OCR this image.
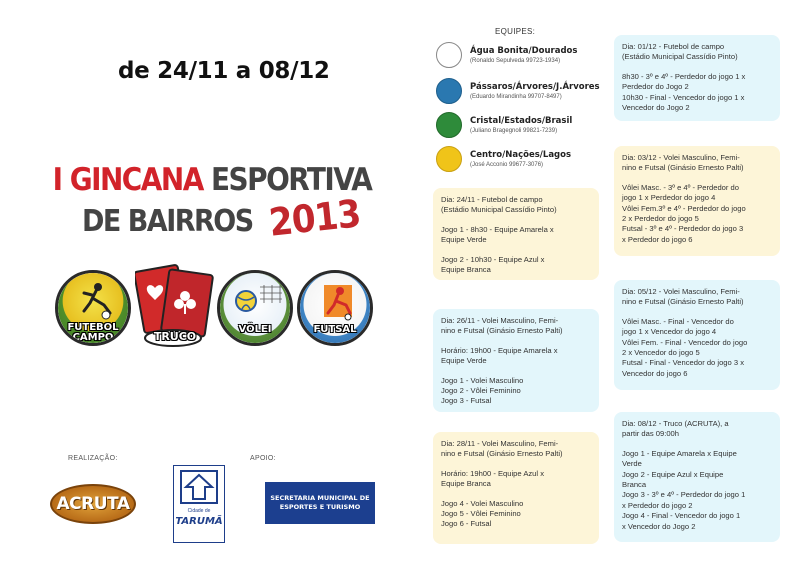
de 24/11 a 08/12
I GINCANA ESPORTIVA
DE BAIRROS 2013
FUTEBOL
CAMPO	TRUCO
VÔLEI	FUTSAL
REALIZAÇÃO:	APOIO:
ACRUTA	Cidade de
TARUMÃ
SECRETARIA MUNICIPAL DE
ESPORTES E TURISMO
EQUIPES:
Água Bonita/Dourados
(Ronaldo Sepulveda 99723-1934)
Pássaros/Árvores/J.Árvores
(Eduardo Mirandinha 99707-8497)
Cristal/Estados/Brasil
(Juliano Bragegnoli 99821-7239)
Centro/Nações/Lagos
(José Acconio 99677-3076)
Dia: 24/11 - Futebol de campo
(Estádio Municipal Cassídio Pinto)
Jogo 1 - 8h30 - Equipe Amarela x
Equipe Verde
Jogo 2 - 10h30 - Equipe Azul x
Equipe Branca
Dia: 26/11 - Volei Masculino, Femi-
nino e Futsal (Ginásio Ernesto Palti)
Horário: 19h00 - Equipe Amarela x
Equipe Verde
Jogo 1 - Volei Masculino
Jogo 2 - Vôlei Feminino
Jogo 3 - Futsal
Dia: 28/11 - Volei Masculino, Femi-
nino e Futsal (Ginásio Ernesto Palti)
Horário: 19h00 - Equipe Azul x
Equipe Branca
Jogo 4 - Volei Masculino
Jogo 5 - Vôlei Feminino
Jogo 6 - Futsal
Dia: 01/12 - Futebol de campo
(Estádio Municipal Cassídio Pinto)
8h30 - 3º e 4º - Perdedor do jogo 1 x
Perdedor do Jogo 2
10h30 - Final - Vencedor do jogo 1 x
Vencedor do Jogo 2
Dia: 03/12 - Volei Masculino, Femi-
nino e Futsal (Ginásio Ernesto Palti)
Vôlei Masc. - 3º e 4º - Perdedor do
jogo 1 x Perdedor do jogo 4
Vôlei Fem.3º e 4º - Perdedor do jogo
2 x Perdedor do jogo 5
Futsal - 3º e 4º - Perdedor do jogo 3
x Perdedor do jogo 6
Dia: 05/12 - Volei Masculino, Femi-
nino e Futsal (Ginásio Ernesto Palti)
Vôlei Masc. - Final - Vencedor do
jogo 1 x Vencedor do jogo 4
Vôlei Fem. - Final - Vencedor do jogo
2 x Vencedor do jogo 5
Futsal - Final - Vencedor do jogo 3 x
Vencedor do jogo 6
Dia: 08/12 - Truco (ACRUTA), a
partir das 09:00h
Jogo 1 - Equipe Amarela x Equipe
Verde
Jogo 2 - Equipe Azul x Equipe
Branca
Jogo 3 - 3º e 4º - Perdedor do jogo 1
x Perdedor do jogo 2
Jogo 4 - Final - Vencedor do jogo 1
x Vencedor do Jogo 2
